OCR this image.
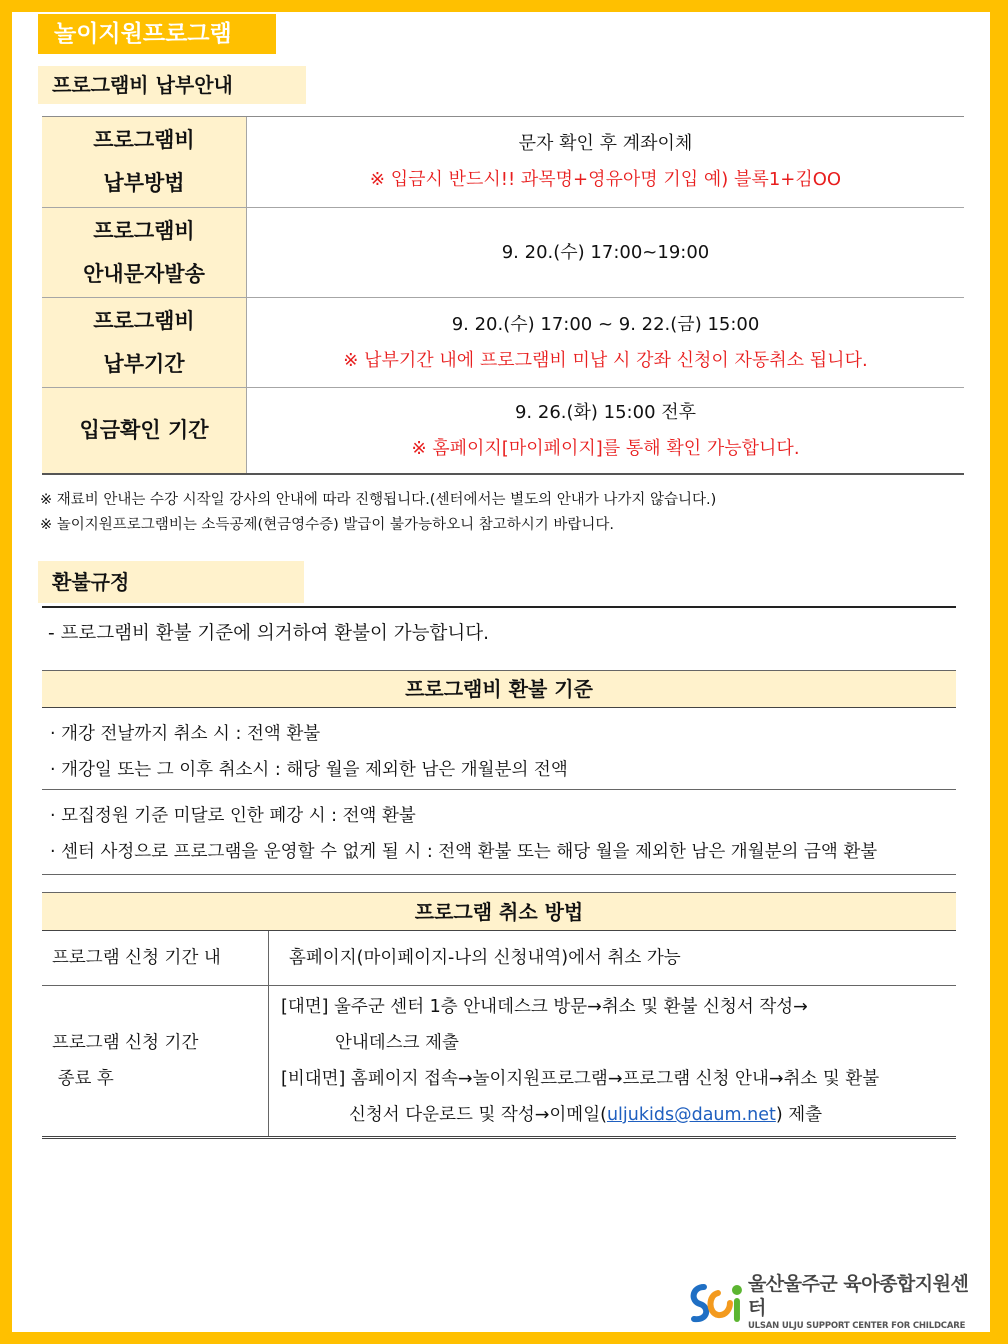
놀이지원프로그램
프로그램비 납부안내
프로그램비
납부방법
문자 확인 후 계좌이체
※ 입금시 반드시!! 과목명+영유아명 기입 예) 블록1+김OO
프로그램비
안내문자발송
9. 20.(수) 17:00~19:00
프로그램비
납부기간
9. 20.(수) 17:00 ~ 9. 22.(금) 15:00
※ 납부기간 내에 프로그램비 미납 시 강좌 신청이 자동취소 됩니다.
입금확인 기간
9. 26.(화) 15:00 전후
※ 홈페이지[마이페이지]를 통해 확인 가능합니다.
※ 재료비 안내는 수강 시작일 강사의 안내에 따라 진행됩니다.(센터에서는 별도의 안내가 나가지 않습니다.)
※ 놀이지원프로그램비는 소득공제(현금영수증) 발급이 불가능하오니 참고하시기 바랍니다.
환불규정
- 프로그램비 환불 기준에 의거하여 환불이 가능합니다.
프로그램비 환불 기준
· 개강 전날까지 취소 시 : 전액 환불
· 개강일 또는 그 이후 취소시 : 해당 월을 제외한 남은 개월분의 전액
· 모집정원 기준 미달로 인한 폐강 시 : 전액 환불
· 센터 사정으로 프로그램을 운영할 수 없게 될 시 : 전액 환불 또는 해당 월을 제외한 남은 개월분의 금액 환불
프로그램 취소 방법
프로그램 신청 기간 내	홈페이지(마이페이지-나의 신청내역)에서 취소 가능
프로그램 신청 기간
종료 후
[대면] 울주군 센터 1층 안내데스크 방문→취소 및 환불 신청서 작성→
안내데스크 제출
[비대면] 홈페이지 접속→놀이지원프로그램→프로그램 신청 안내→취소 및 환불
신청서 다운로드 및 작성→이메일(uljukids@daum.net) 제출
울산울주군 육아종합지원센터
ULSAN ULJU SUPPORT CENTER FOR CHILDCARE
